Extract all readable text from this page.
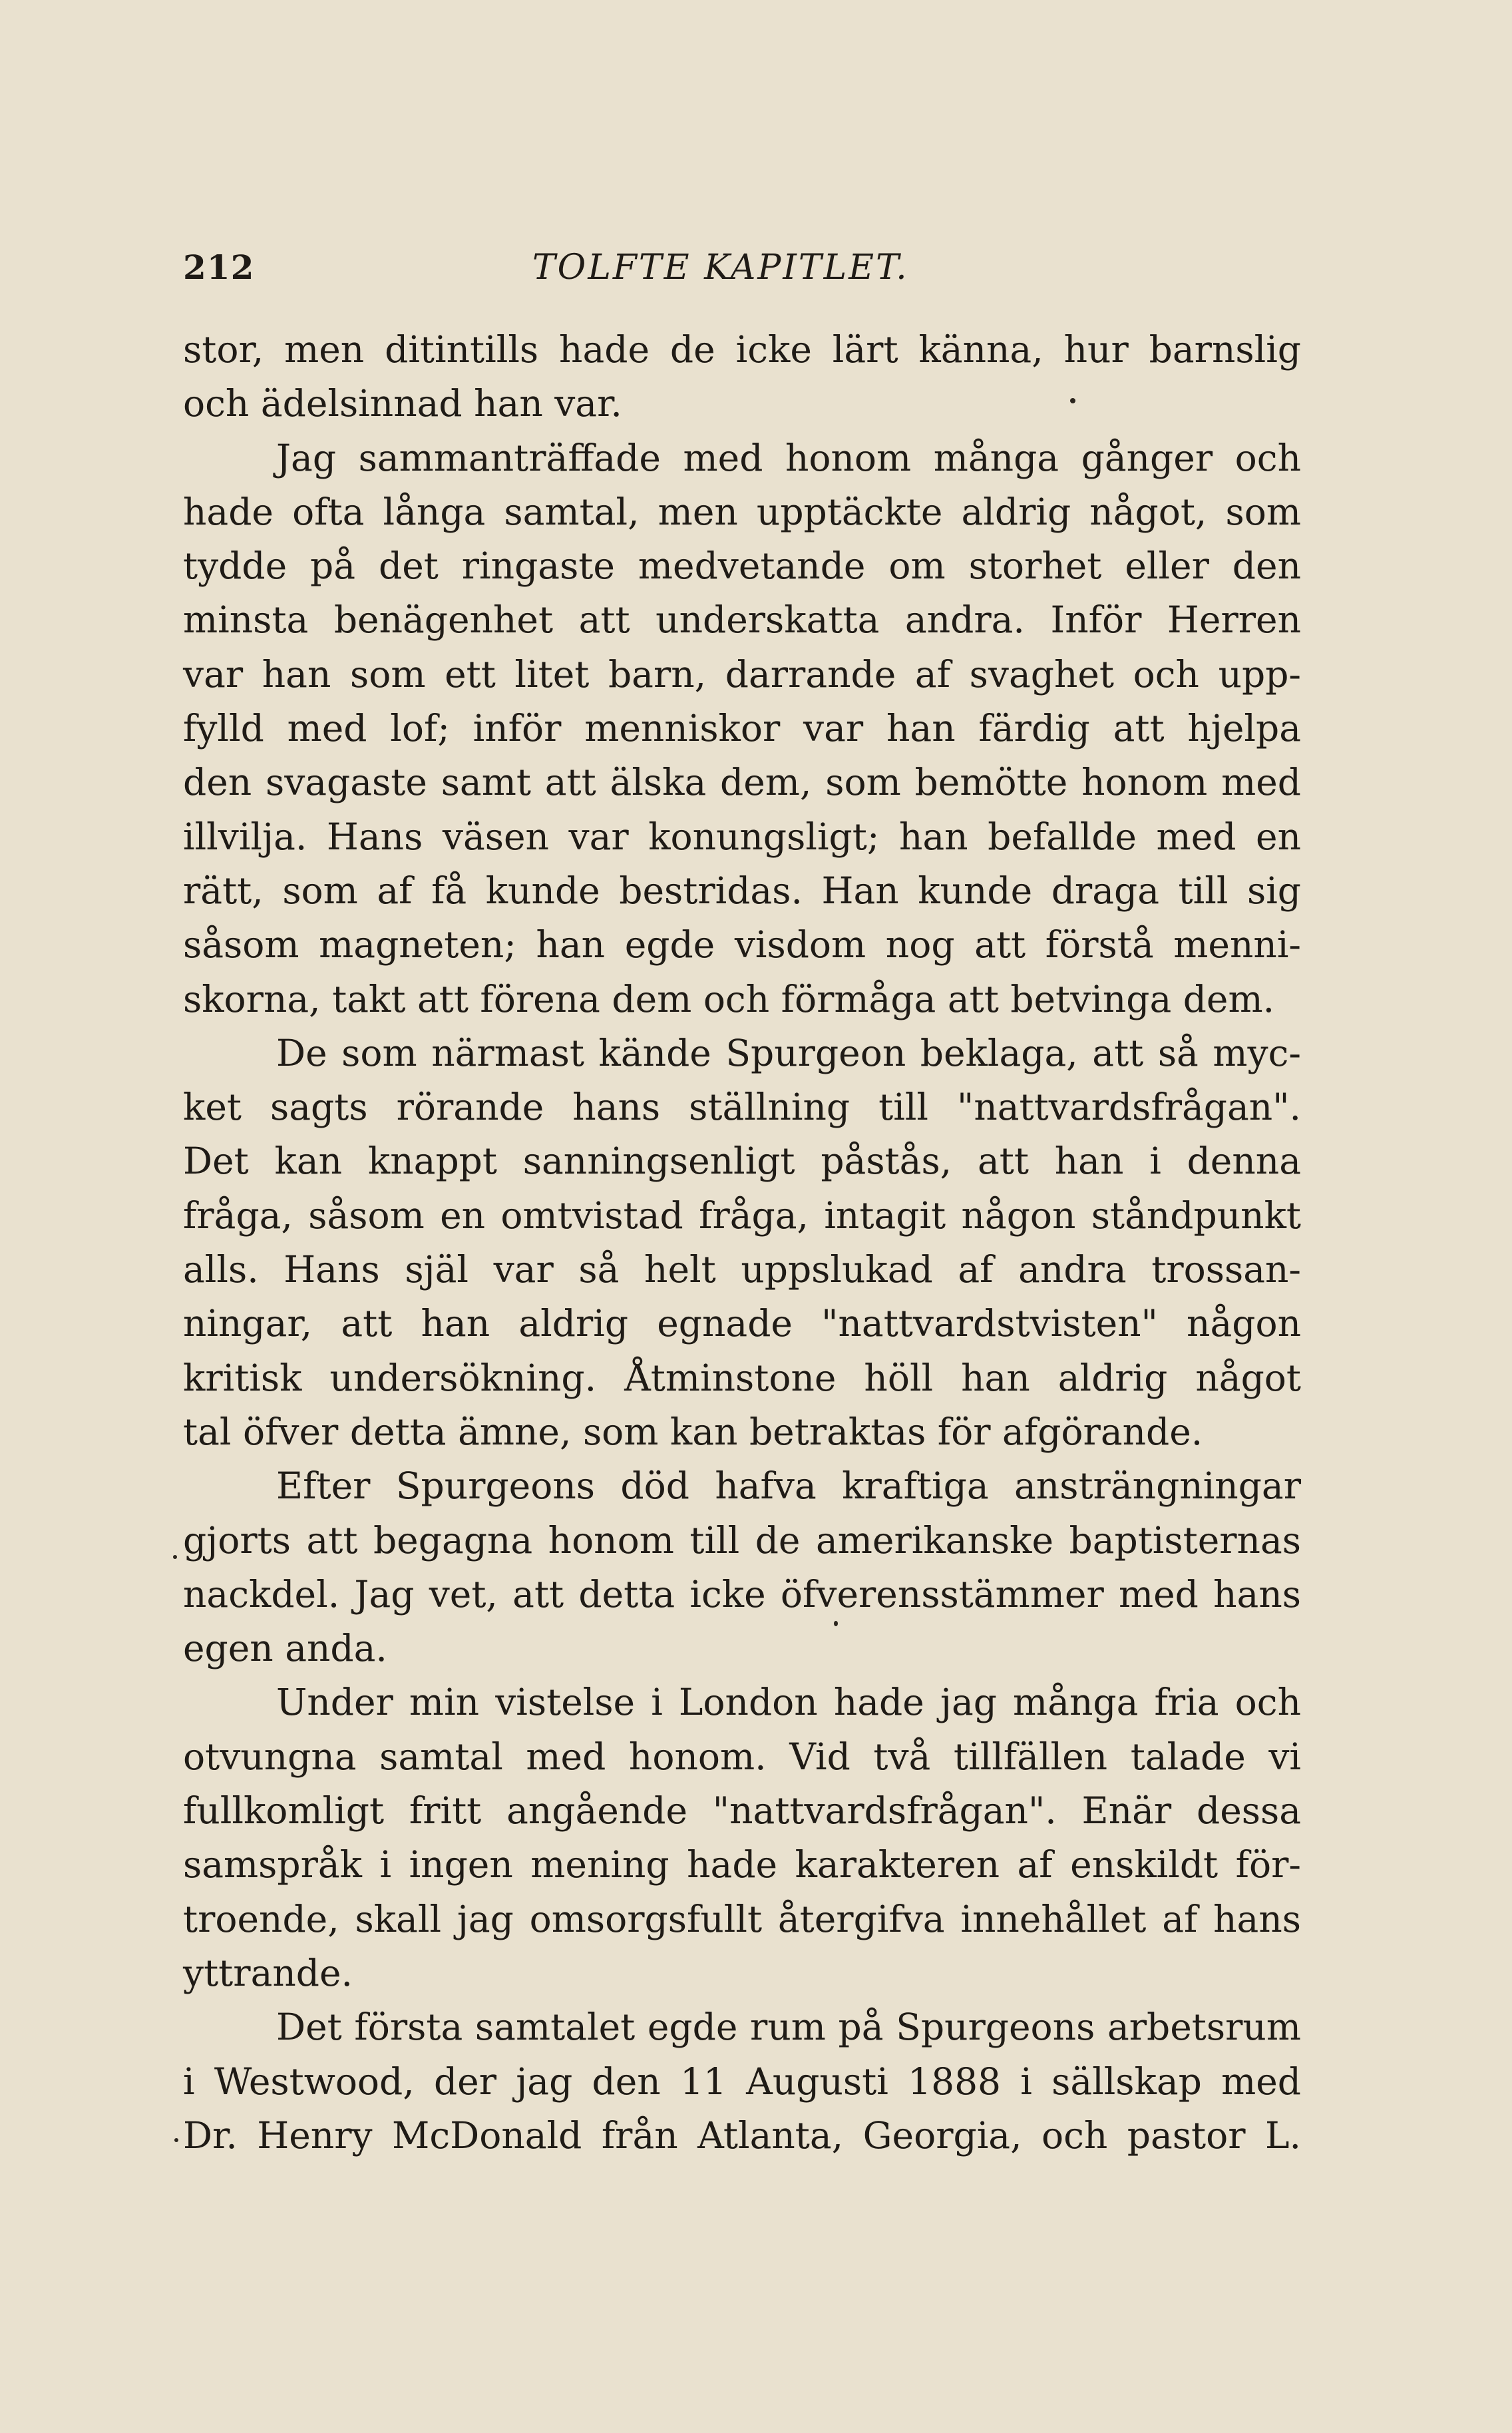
212	TOLFTE KAPITLET.
stor, men ditintills hade de icke lärt känna, hur barnslig
och ädelsinnad han var.
Jag sammanträffade med honom många gånger och
hade ofta långa samtal, men upptäckte aldrig något, som
tydde på det ringaste medvetande om storhet eller den
minsta benägenhet att underskatta andra. Inför Herren
var han som ett litet barn, darrande af svaghet och upp-
fylld med lof; inför menniskor var han färdig att hjelpa
den svagaste samt att älska dem, som bemötte honom med
illvilja. Hans väsen var konungsligt; han befallde med en
rätt, som af få kunde bestridas. Han kunde draga till sig
såsom magneten; han egde visdom nog att förstå menni-
skorna, takt att förena dem och förmåga att betvinga dem.
De som närmast kände Spurgeon beklaga, att så myc-
ket sagts rörande hans ställning till "nattvardsfrågan".
Det kan knappt sanningsenligt påstås, att han i denna
fråga, såsom en omtvistad fråga, intagit någon ståndpunkt
alls. Hans själ var så helt uppslukad af andra trossan-
ningar, att han aldrig egnade "nattvardstvisten" någon
kritisk undersökning. Åtminstone höll han aldrig något
tal öfver detta ämne, som kan betraktas för afgörande.
Efter Spurgeons död hafva kraftiga ansträngningar
gjorts att begagna honom till de amerikanske baptisternas
nackdel. Jag vet, att detta icke öfverensstämmer med hans
egen anda.
Under min vistelse i London hade jag många fria och
otvungna samtal med honom. Vid två tillfällen talade vi
fullkomligt fritt angående "nattvardsfrågan". Enär dessa
samspråk i ingen mening hade karakteren af enskildt för-
troende, skall jag omsorgsfullt återgifva innehållet af hans
yttrande.
Det första samtalet egde rum på Spurgeons arbetsrum
i Westwood, der jag den 11 Augusti 1888 i sällskap med
Dr. Henry McDonald från Atlanta, Georgia, och pastor L.
